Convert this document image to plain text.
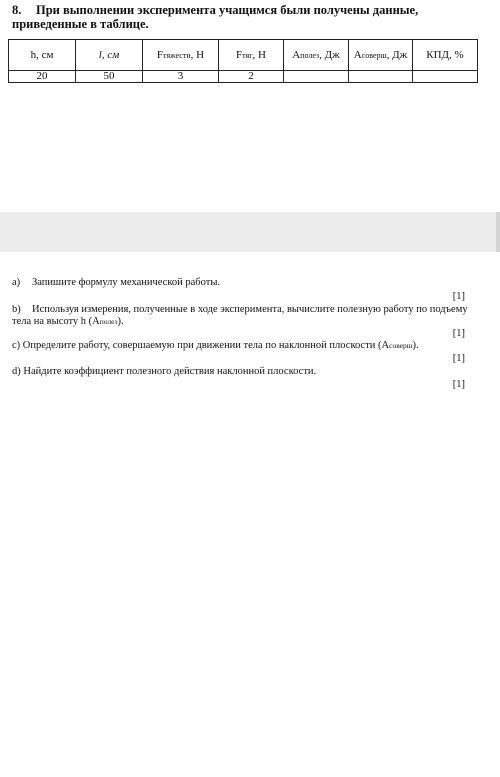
8. При выполнении эксперимента учащимся были получены данные, приведенные в таблице.
h, см	l, см	Fтяжести, Н	Fтяг, Н	Aполез, Дж	Aсоверш, Дж	КПД, %
20	50	3	2			
a) Запишите формулу механической работы.
[1]
b) Используя измерения, полученные в ходе эксперимента, вычислите полезную работу по подъему тела на высоту h (Aполез).
[1]
c) Определите работу, совершаемую при движении тела по наклонной плоскости (Aсоверш).
[1]
d) Найдите коэффициент полезного действия наклонной плоскости.
[1]
